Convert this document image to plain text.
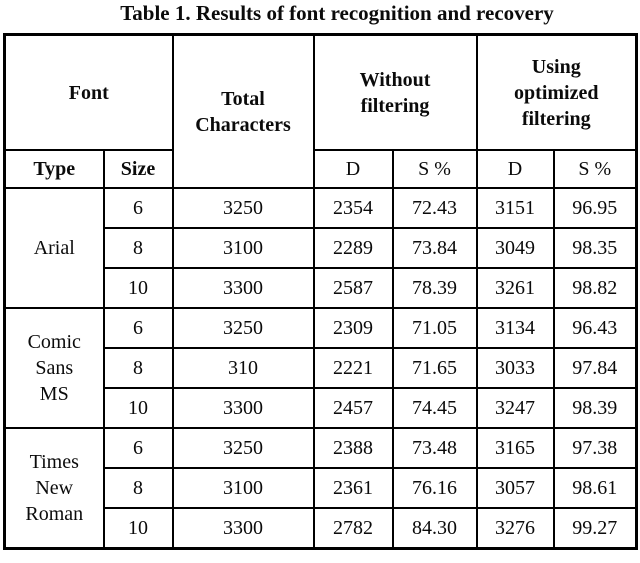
Table 1. Results of font recognition and recovery
Font		Total Characters	Without filtering		Using optimized filtering	

Type	Size		D	S %	D	S %

Arial	6	3250	2354	72.43	3151	96.95
	8	3100	2289	73.84	3049	98.35
	10	3300	2587	78.39	3261	98.82

Comic Sans MS	6	3250	2309	71.05	3134	96.43
	8	310	2221	71.65	3033	97.84
	10	3300	2457	74.45	3247	98.39

Times New Roman	6	3250	2388	73.48	3165	97.38
	8	3100	2361	76.16	3057	98.61
	10	3300	2782	84.30	3276	99.27
